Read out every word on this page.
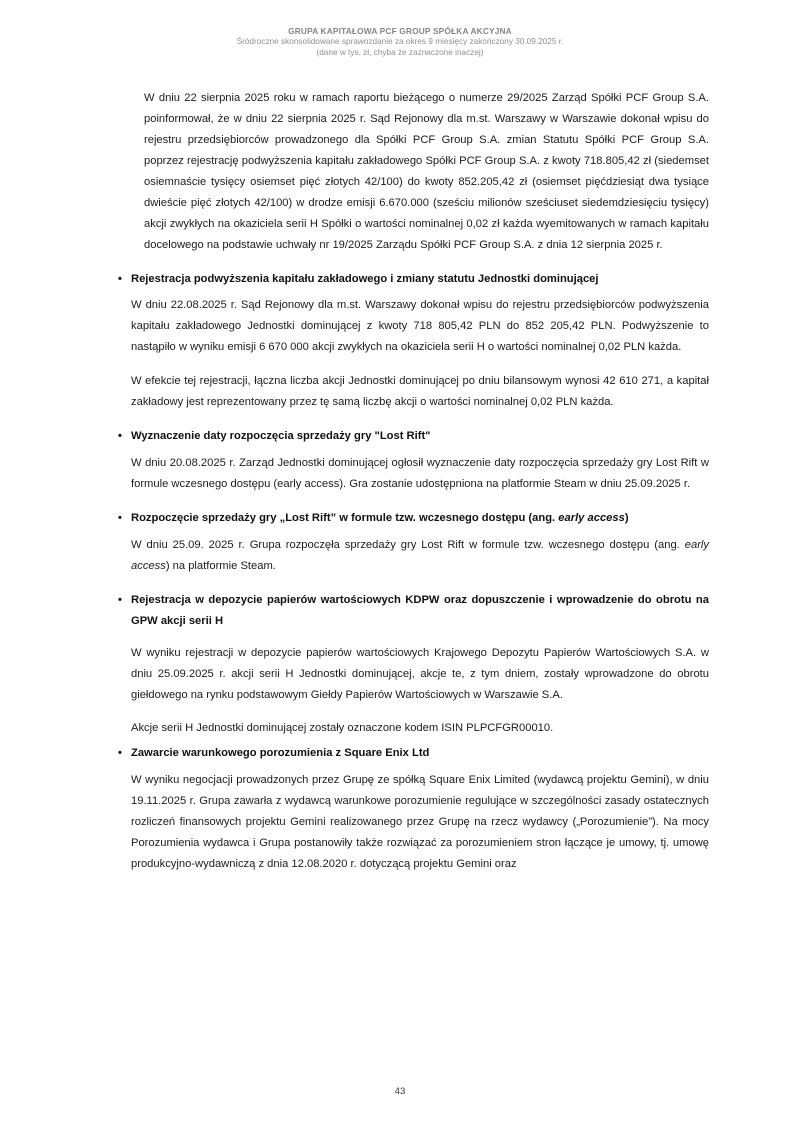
GRUPA KAPITAŁOWA PCF GROUP SPÓŁKA AKCYJNA
Śródroczne skonsolidowane sprawozdanie za okres 9 miesięcy zakończony 30.09.2025 r.
(dane w tys. zł, chyba że zaznaczone inaczej)

W dniu 22 sierpnia 2025 roku w ramach raportu bieżącego o numerze 29/2025 Zarząd Spółki PCF Group S.A. poinformował, że w dniu 22 sierpnia 2025 r. Sąd Rejonowy dla m.st. Warszawy w Warszawie dokonał wpisu do rejestru przedsiębiorców prowadzonego dla Spółki PCF Group S.A. zmian Statutu Spółki PCF Group S.A. poprzez rejestrację podwyższenia kapitału zakładowego Spółki PCF Group S.A. z kwoty 718.805,42 zł (siedemset osiemnaście tysięcy osiemset pięć złotych 42/100) do kwoty 852.205,42 zł (osiemset pięćdziesiąt dwa tysiące dwieście pięć złotych 42/100) w drodze emisji 6.670.000 (sześciu milionów sześciuset siedemdziesięciu tysięcy) akcji zwykłych na okaziciela serii H Spółki o wartości nominalnej 0,02 zł każda wyemitowanych w ramach kapitału docelowego na podstawie uchwały nr 19/2025 Zarządu Spółki PCF Group S.A. z dnia 12 sierpnia 2025 r.

• Rejestracja podwyższenia kapitału zakładowego i zmiany statutu Jednostki dominującej

W dniu 22.08.2025 r. Sąd Rejonowy dla m.st. Warszawy dokonał wpisu do rejestru przedsiębiorców podwyższenia kapitału zakładowego Jednostki dominującej z kwoty 718 805,42 PLN do 852 205,42 PLN. Podwyższenie to nastąpiło w wyniku emisji 6 670 000 akcji zwykłych na okaziciela serii H o wartości nominalnej 0,02 PLN każda.

W efekcie tej rejestracji, łączna liczba akcji Jednostki dominującej po dniu bilansowym wynosi 42 610 271, a kapitał zakładowy jest reprezentowany przez tę samą liczbę akcji o wartości nominalnej 0,02 PLN każda.

• Wyznaczenie daty rozpoczęcia sprzedaży gry "Lost Rift"

W dniu 20.08.2025 r. Zarząd Jednostki dominującej ogłosił wyznaczenie daty rozpoczęcia sprzedaży gry Lost Rift w formule wczesnego dostępu (early access). Gra zostanie udostępniona na platformie Steam w dniu 25.09.2025 r.

• Rozpoczęcie sprzedaży gry „Lost Rift” w formule tzw. wczesnego dostępu (ang. early access)

W dniu 25.09. 2025 r. Grupa rozpoczęła sprzedaży gry Lost Rift w formule tzw. wczesnego dostępu (ang. early access) na platformie Steam.

• Rejestracja w depozycie papierów wartościowych KDPW oraz dopuszczenie i wprowadzenie do obrotu na GPW akcji serii H

W wyniku rejestracji w depozycie papierów wartościowych Krajowego Depozytu Papierów Wartościowych S.A. w dniu 25.09.2025 r. akcji serii H Jednostki dominującej, akcje te, z tym dniem, zostały wprowadzone do obrotu giełdowego na rynku podstawowym Giełdy Papierów Wartościowych w Warszawie S.A.

Akcje serii H Jednostki dominującej zostały oznaczone kodem ISIN PLPCFGR00010.

• Zawarcie warunkowego porozumienia z Square Enix Ltd

W wyniku negocjacji prowadzonych przez Grupę ze spółką Square Enix Limited (wydawcą projektu Gemini), w dniu 19.11.2025 r. Grupa zawarła z wydawcą warunkowe porozumienie regulujące w szczególności zasady ostatecznych rozliczeń finansowych projektu Gemini realizowanego przez Grupę na rzecz wydawcy („Porozumienie”). Na mocy Porozumienia wydawca i Grupa postanowiły także rozwiązać za porozumieniem stron łączące je umowy, tj. umowę produkcyjno-wydawniczą z dnia 12.08.2020 r. dotyczącą projektu Gemini oraz

43
